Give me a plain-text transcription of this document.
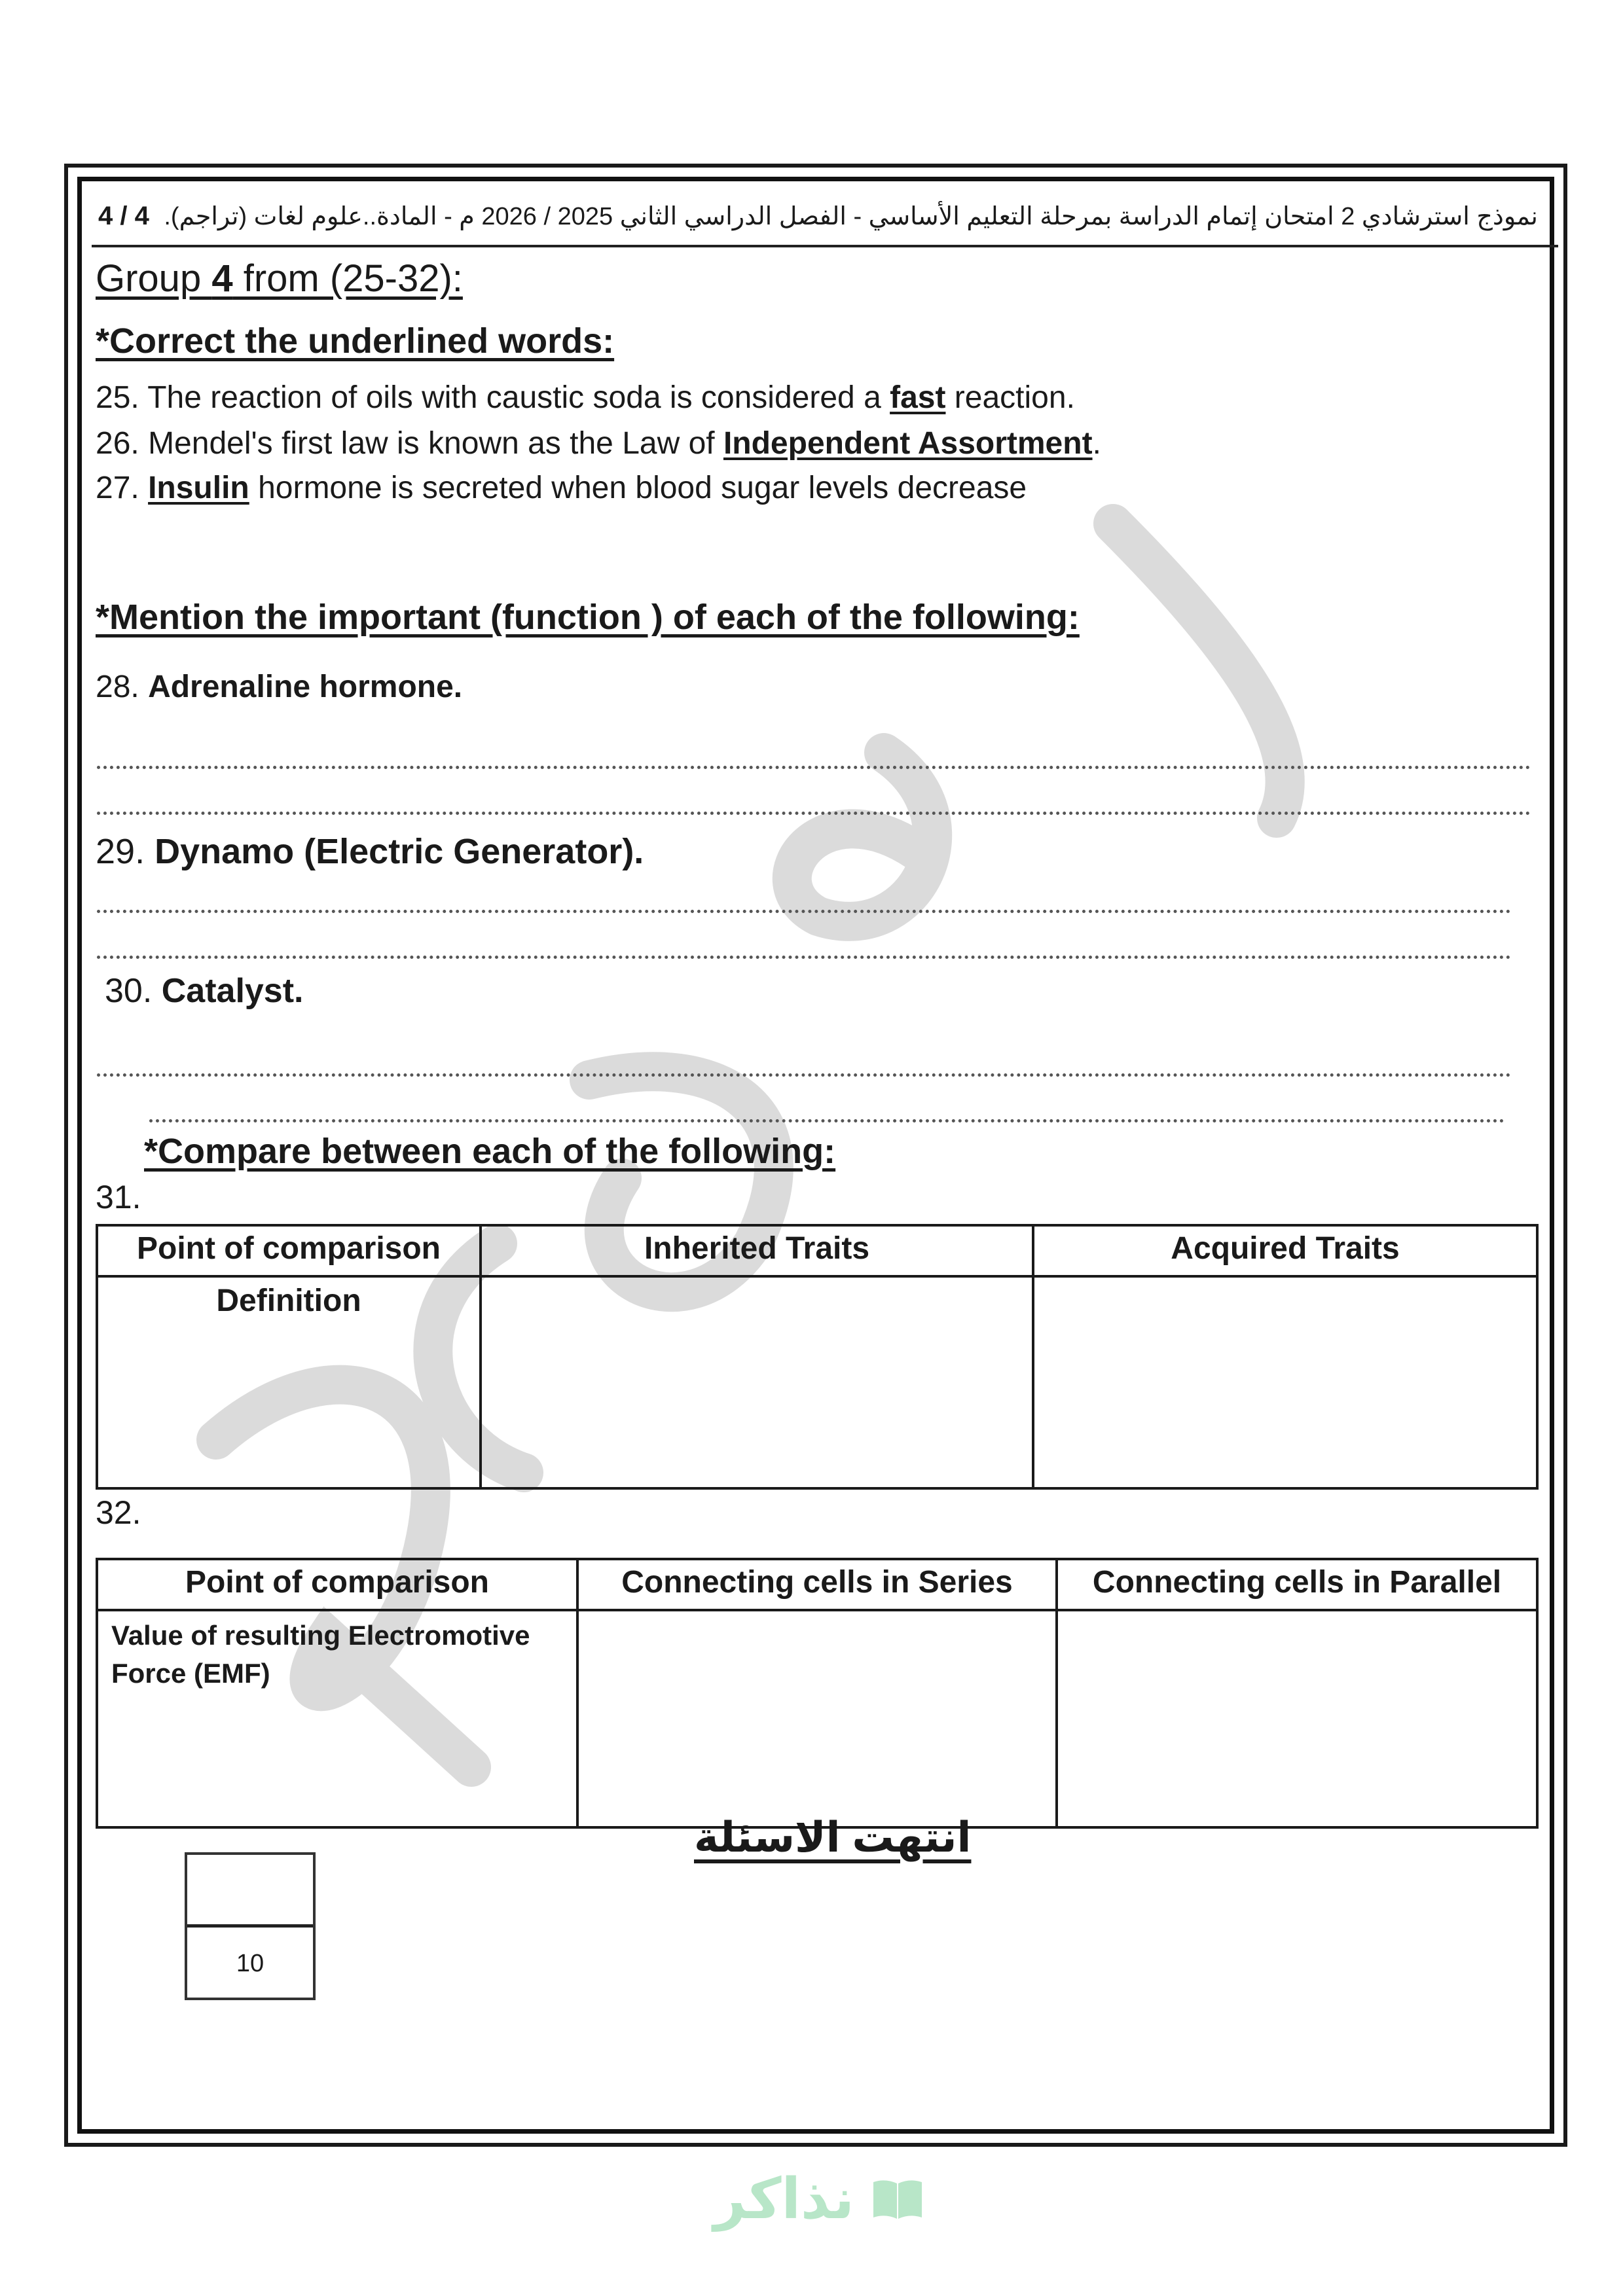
4 / 4 نموذج استرشادي 2 امتحان إتمام الدراسة بمرحلة التعليم الأساسي - الفصل الدراسي الثاني 2025 / 2026 م - المادة..علوم لغات (تراجم).
Group 4 from (25-32):
*Correct the underlined words:
25. The reaction of oils with caustic soda is considered a fast reaction.
26. Mendel's first law is known as the Law of Independent Assortment.
27. Insulin hormone is secreted when blood sugar levels decrease
*Mention the important (function ) of each of the following:
28. Adrenaline hormone.
29. Dynamo (Electric Generator).
30. Catalyst.
*Compare between each of the following:
31.
Point of comparison	Inherited Traits	Acquired Traits
Definition		
32.
Point of comparison	Connecting cells in Series	Connecting cells in Parallel
Value of resulting Electromotive Force (EMF)		
انتهت الاسئلة
10
نذاكر
